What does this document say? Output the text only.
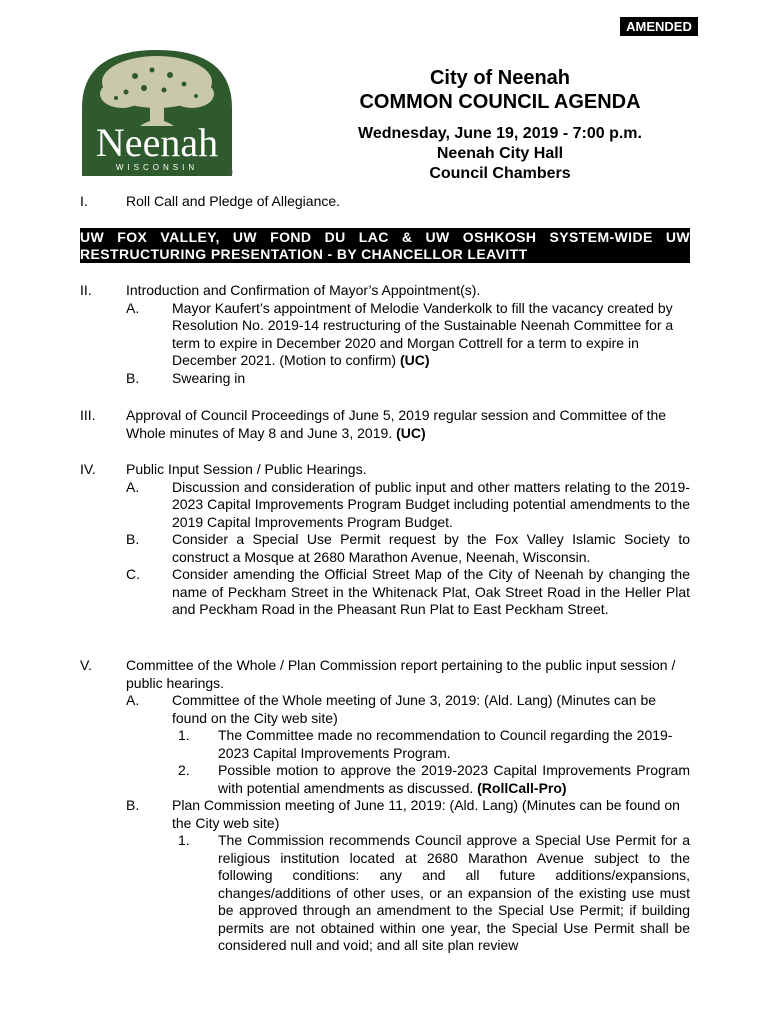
AMENDED
Neenah
WISCONSIN
®
City of Neenah
COMMON COUNCIL AGENDA
Wednesday, June 19, 2019 - 7:00 p.m.
Neenah City Hall
Council Chambers
I.	Roll Call and Pledge of Allegiance.
UW FOX VALLEY, UW FOND DU LAC & UW OSHKOSH SYSTEM-WIDE UW
RESTRUCTURING PRESENTATION - BY CHANCELLOR LEAVITT
II. Introduction and Confirmation of Mayor’s Appointment(s).
A. Mayor Kaufert’s appointment of Melodie Vanderkolk to fill the vacancy created by Resolution No. 2019-14 restructuring of the Sustainable Neenah Committee for a term to expire in December 2020 and Morgan Cottrell for a term to expire in December 2021. (Motion to confirm) (UC)
B. Swearing in
III. Approval of Council Proceedings of June 5, 2019 regular session and Committee of the Whole minutes of May 8 and June 3, 2019. (UC)
IV. Public Input Session / Public Hearings.
A. Discussion and consideration of public input and other matters relating to the 2019-2023 Capital Improvements Program Budget including potential amendments to the 2019 Capital Improvements Program Budget.
B. Consider a Special Use Permit request by the Fox Valley Islamic Society to construct a Mosque at 2680 Marathon Avenue, Neenah, Wisconsin.
C. Consider amending the Official Street Map of the City of Neenah by changing the name of Peckham Street in the Whitenack Plat, Oak Street Road in the Heller Plat and Peckham Road in the Pheasant Run Plat to East Peckham Street.
V. Committee of the Whole / Plan Commission report pertaining to the public input session / public hearings.
A. Committee of the Whole meeting of June 3, 2019: (Ald. Lang) (Minutes can be found on the City web site)
1. The Committee made no recommendation to Council regarding the 2019-2023 Capital Improvements Program.
2. Possible motion to approve the 2019-2023 Capital Improvements Program with potential amendments as discussed. (RollCall-Pro)
B. Plan Commission meeting of June 11, 2019: (Ald. Lang) (Minutes can be found on the City web site)
1. The Commission recommends Council approve a Special Use Permit for a religious institution located at 2680 Marathon Avenue subject to the following conditions: any and all future additions/expansions, changes/additions of other uses, or an expansion of the existing use must be approved through an amendment to the Special Use Permit; if building permits are not obtained within one year, the Special Use Permit shall be considered null and void; and all site plan review
